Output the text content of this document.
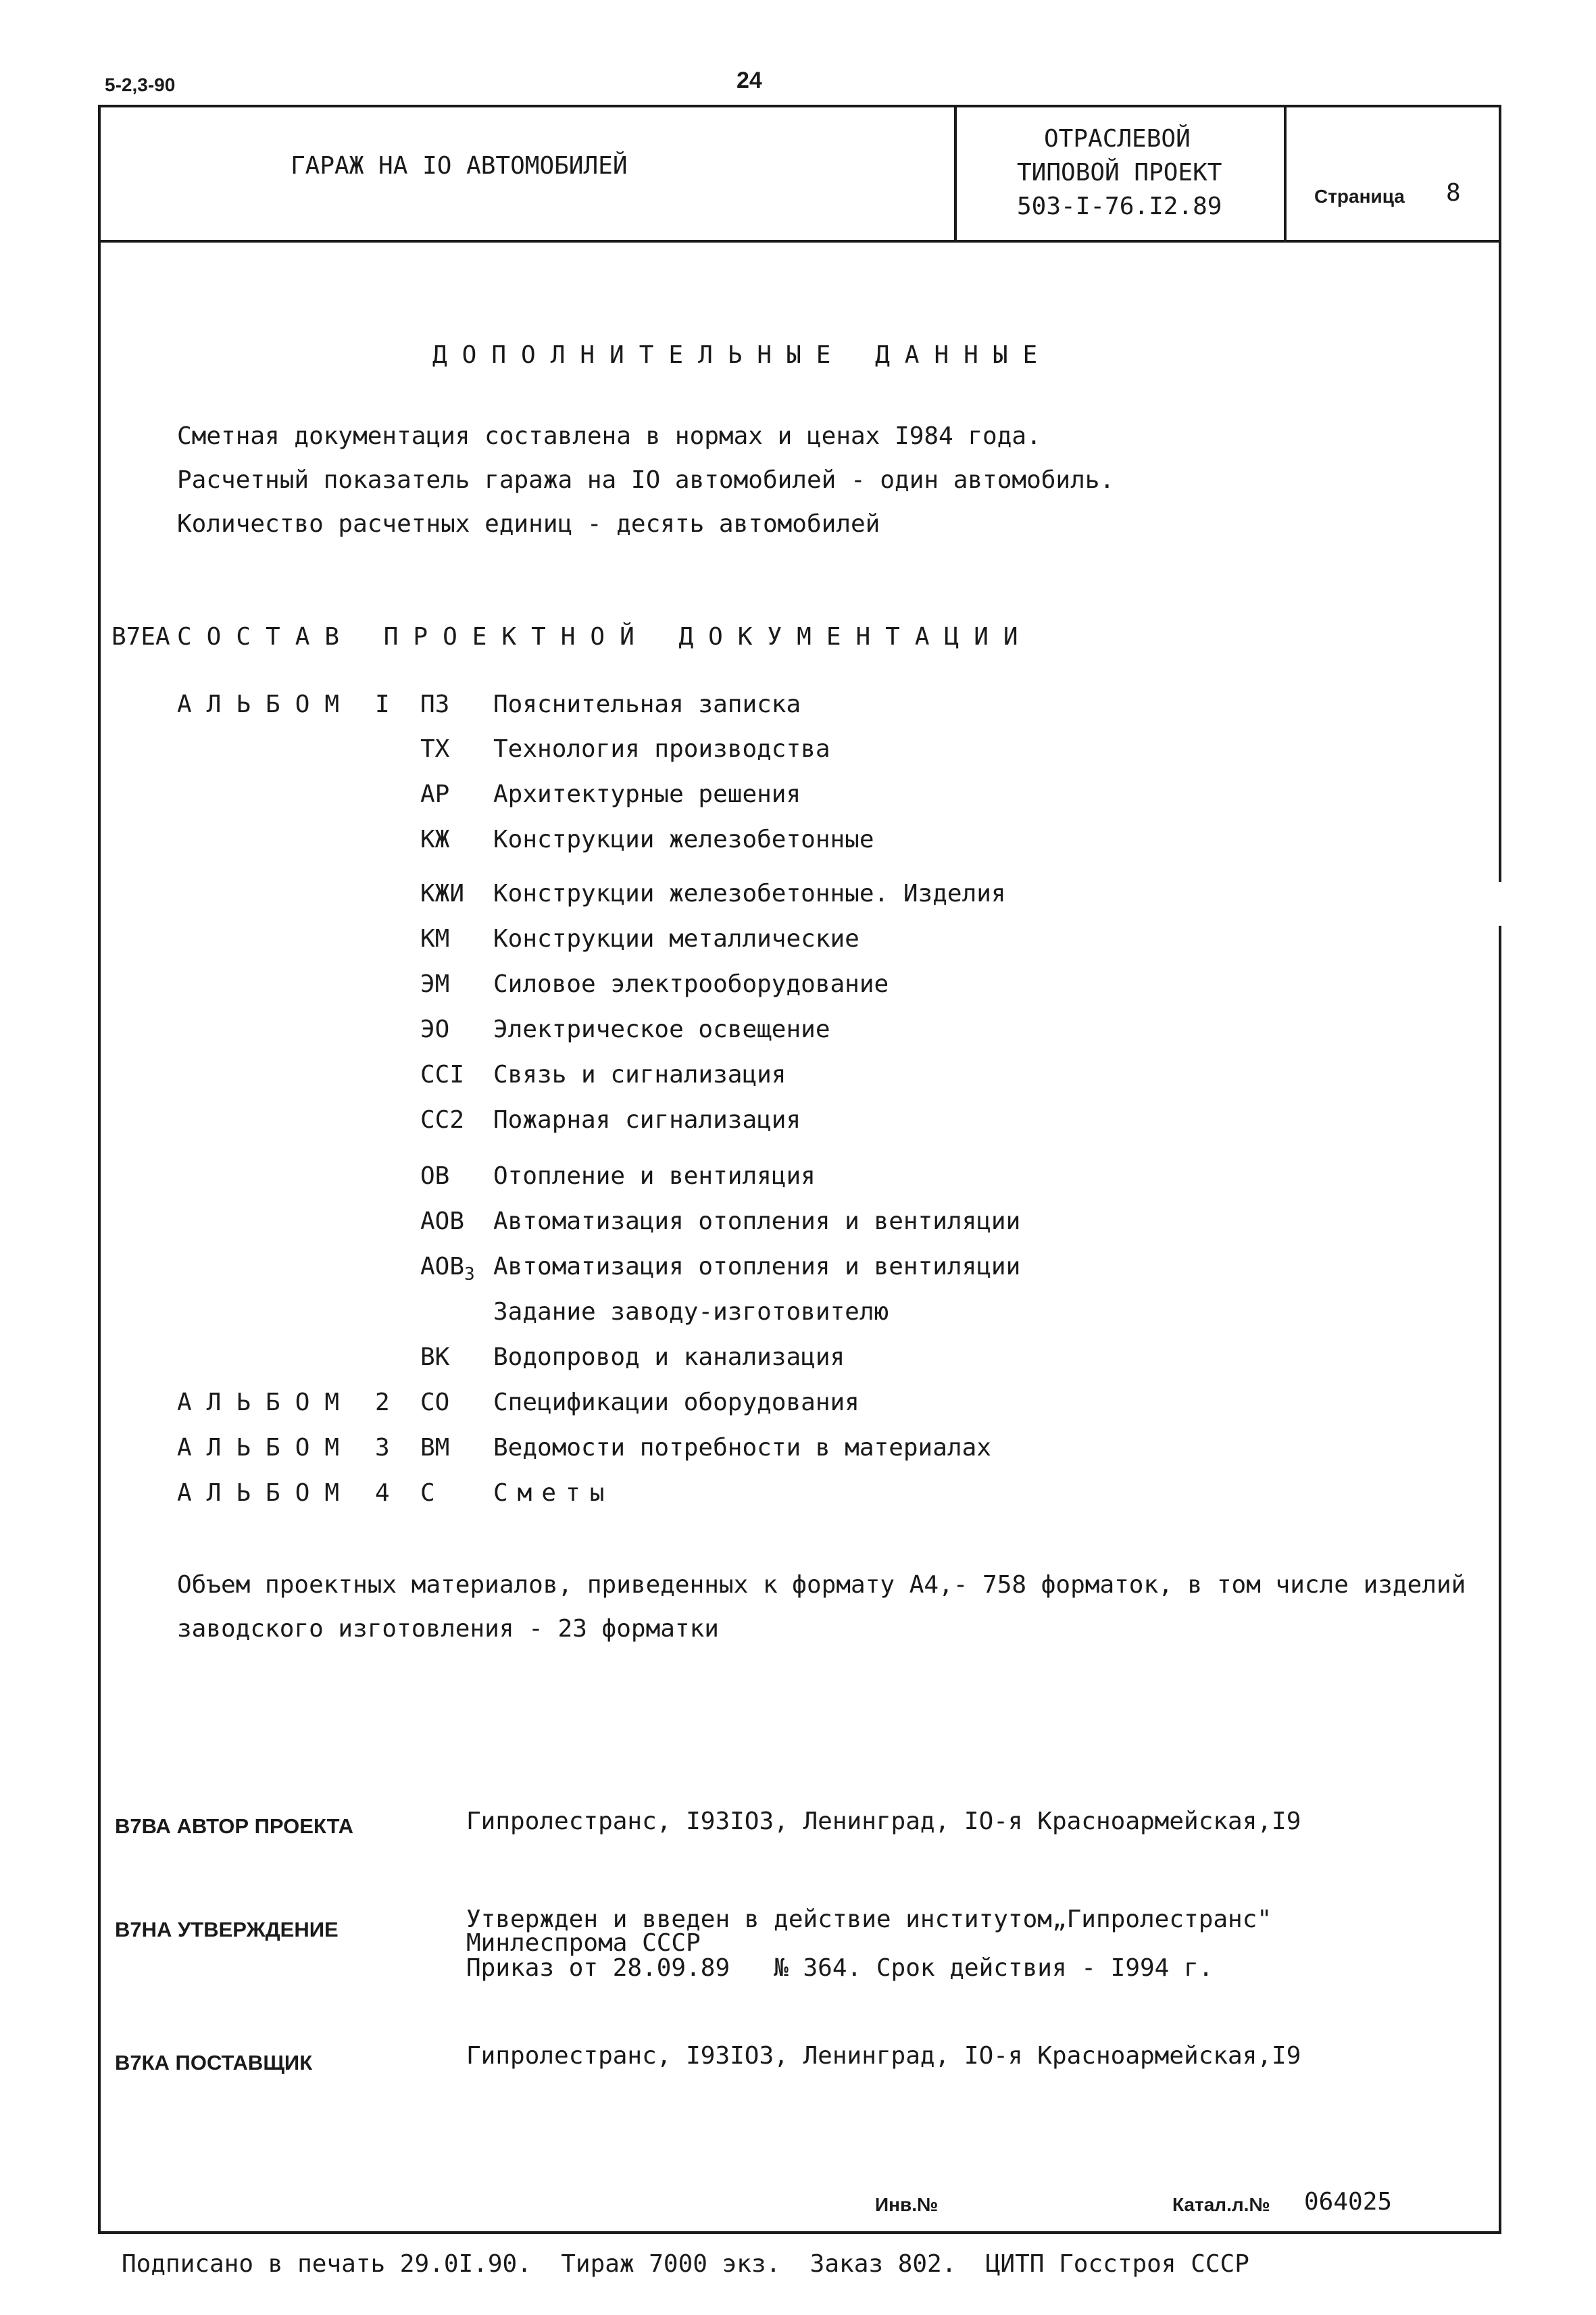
5-2,3-90	24
ГАРАЖ НА IO АВТОМОБИЛЕЙ
ОТРАСЛЕВОЙ
ТИПОВОЙ ПРОЕКТ
503-I-76.I2.89	Страница 8
ДОПОЛНИТЕЛЬНЫЕ ДАННЫЕ
Сметная документация составлена в нормах и ценах I984 года.
Расчетный показатель гаража на IO автомобилей - один автомобиль.
Количество расчетных единиц - десять автомобилей
В7ЕА СОСТАВ ПРОЕКТНОЙ ДОКУМЕНТАЦИИ
АЛЬБОМ I ПЗ Пояснительная записка
ТХ Технология производства
АР Архитектурные решения
КЖ Конструкции железобетонные
КЖИ Конструкции железобетонные. Изделия
КМ Конструкции металлические
ЭМ Силовое электрооборудование
ЭО Электрическое освещение
ССI Связь и сигнализация
СС2 Пожарная сигнализация
ОВ Отопление и вентиляция
АОВ Автоматизация отопления и вентиляции
$АОВ_З$ Автоматизация отопления и вентиляции
Задание заводу-изготовителю
ВК Водопровод и канализация
АЛЬБОМ 2 СО Спецификации оборудования
АЛЬБОМ 3 ВМ Ведомости потребности в материалах
АЛЬБОМ 4 С Сметы
Объем проектных материалов, приведенных к формату А4,- 758 форматок, в том числе изделий
заводского изготовления - 23 форматки
В7ВА АВТОР ПРОЕКТА	Гипролестранс, I93IO3, Ленинград, IO-я Красноармейская,I9
В7НА УТВЕРЖДЕНИЕ	Утвержден и введен в действие институтом„Гипролестранс"
Минлеспрома СССР
Приказ от 28.09.89   № 364. Срок действия - I994 г.
В7КА ПОСТАВЩИК	Гипролестранс, I93IO3, Ленинград, IO-я Красноармейская,I9
Инв.№	Катал.л.№ 064025
Подписано в печать 29.0I.90.  Тираж 7000 экз.  Заказ 802.  ЦИТП Госстроя СССР
